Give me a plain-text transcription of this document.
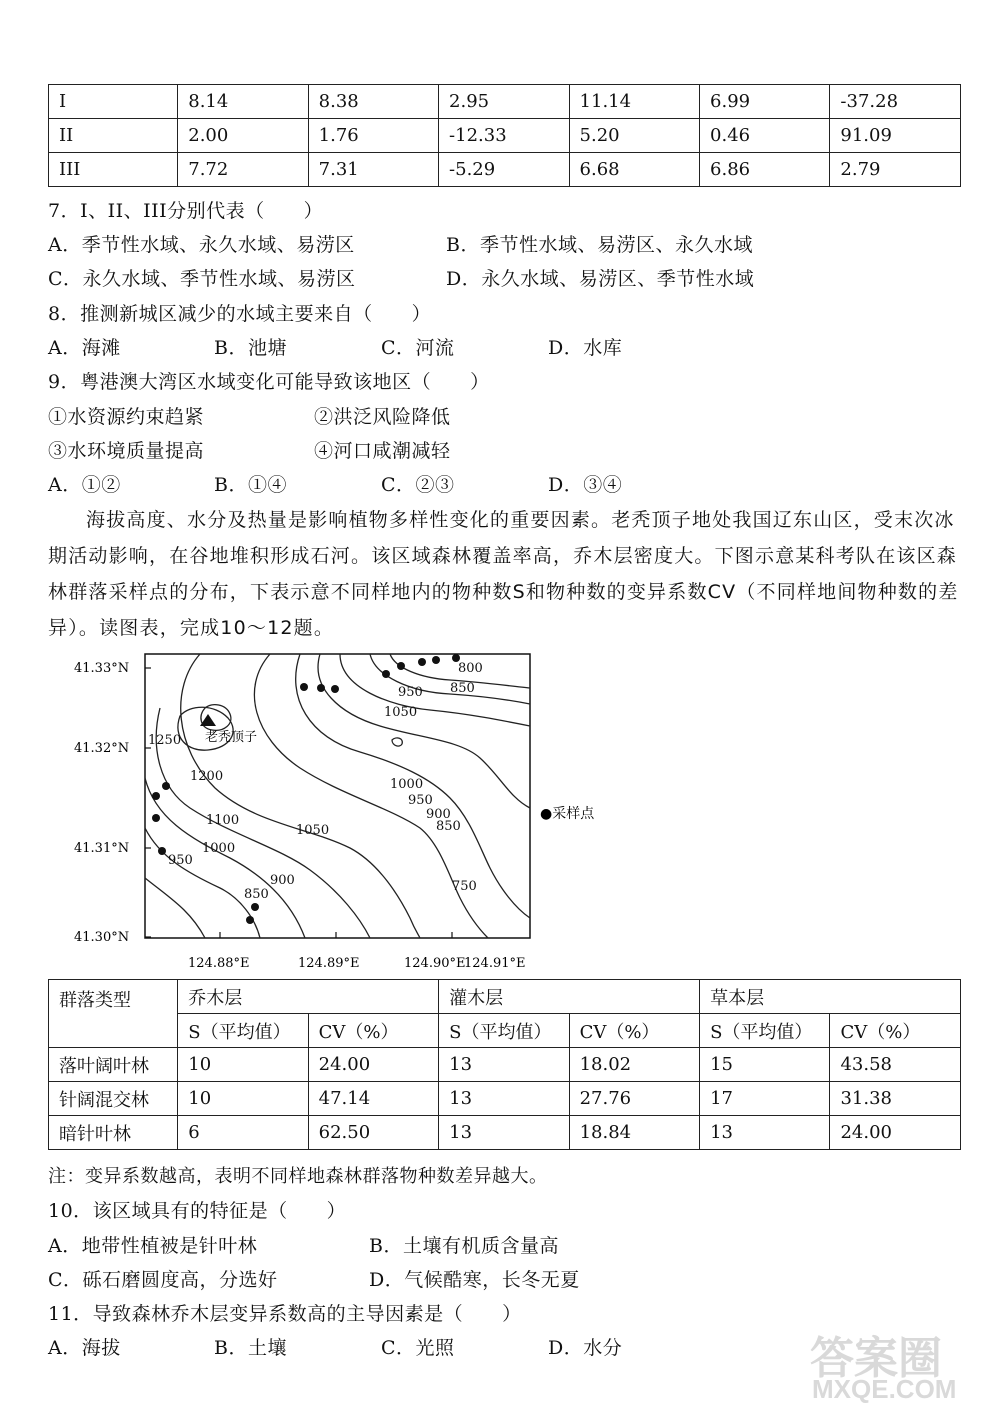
I	8.14	8.38	2.95	11.14	6.99	-37.28
II	2.00	1.76	-12.33	5.20	0.46	91.09
III	7.72	7.31	-5.29	6.68	6.86	2.79
7．I、II、III分别代表（　　）
A．季节性水域、永久水域、易涝区	B．季节性水域、易涝区、永久水域
C．永久水域、季节性水域、易涝区	D．永久水域、易涝区、季节性水域
8．推测新城区减少的水域主要来自（　　）
A．海滩	B．池塘	C．河流	D．水库
9．粤港澳大湾区水域变化可能导致该地区（　　）
①水资源约束趋紧	②洪泛风险降低
③水环境质量提高	④河口咸潮减轻
A．①②	B．①④	C．②③	D．③④
海拔高度、水分及热量是影响植物多样性变化的重要因素。老秃顶子地处我国辽东山区，受末次冰期活动影响，在谷地堆积形成石河。该区域森林覆盖率高，乔木层密度大。下图示意某科考队在该区森林群落采样点的分布，下表示意不同样地内的物种数S和物种数的变异系数CV（不同样地间物种数的差异）。读图表，完成10～12题。
41.33°N
41.32°N
41.31°N
41.30°N
124.88°E	124.89°E	124.90°E
124.91°E
老秃顶子
800
850
950
1050
1250
1200
1000
950
900
850
1100
1050
1000
950
850
900	750
●采样点
群落类型	乔木层		灌木层		草本层	
	S（平均值）	CV（%）	S（平均值）	CV（%）	S（平均值）	CV（%）
落叶阔叶林	10	24.00	13	18.02	15	43.58
针阔混交林	10	47.14	13	27.76	17	31.38
暗针叶林	6	62.50	13	18.84	13	24.00
注：变异系数越高，表明不同样地森林群落物种数差异越大。
10．该区域具有的特征是（　　）
A．地带性植被是针叶林	B．土壤有机质含量高
C．砾石磨圆度高，分选好	D．气候酷寒，长冬无夏
11．导致森林乔木层变异系数高的主导因素是（　　）
A．海拔	B．土壤	C．光照	D．水分	答案圈
MXQE.COM
